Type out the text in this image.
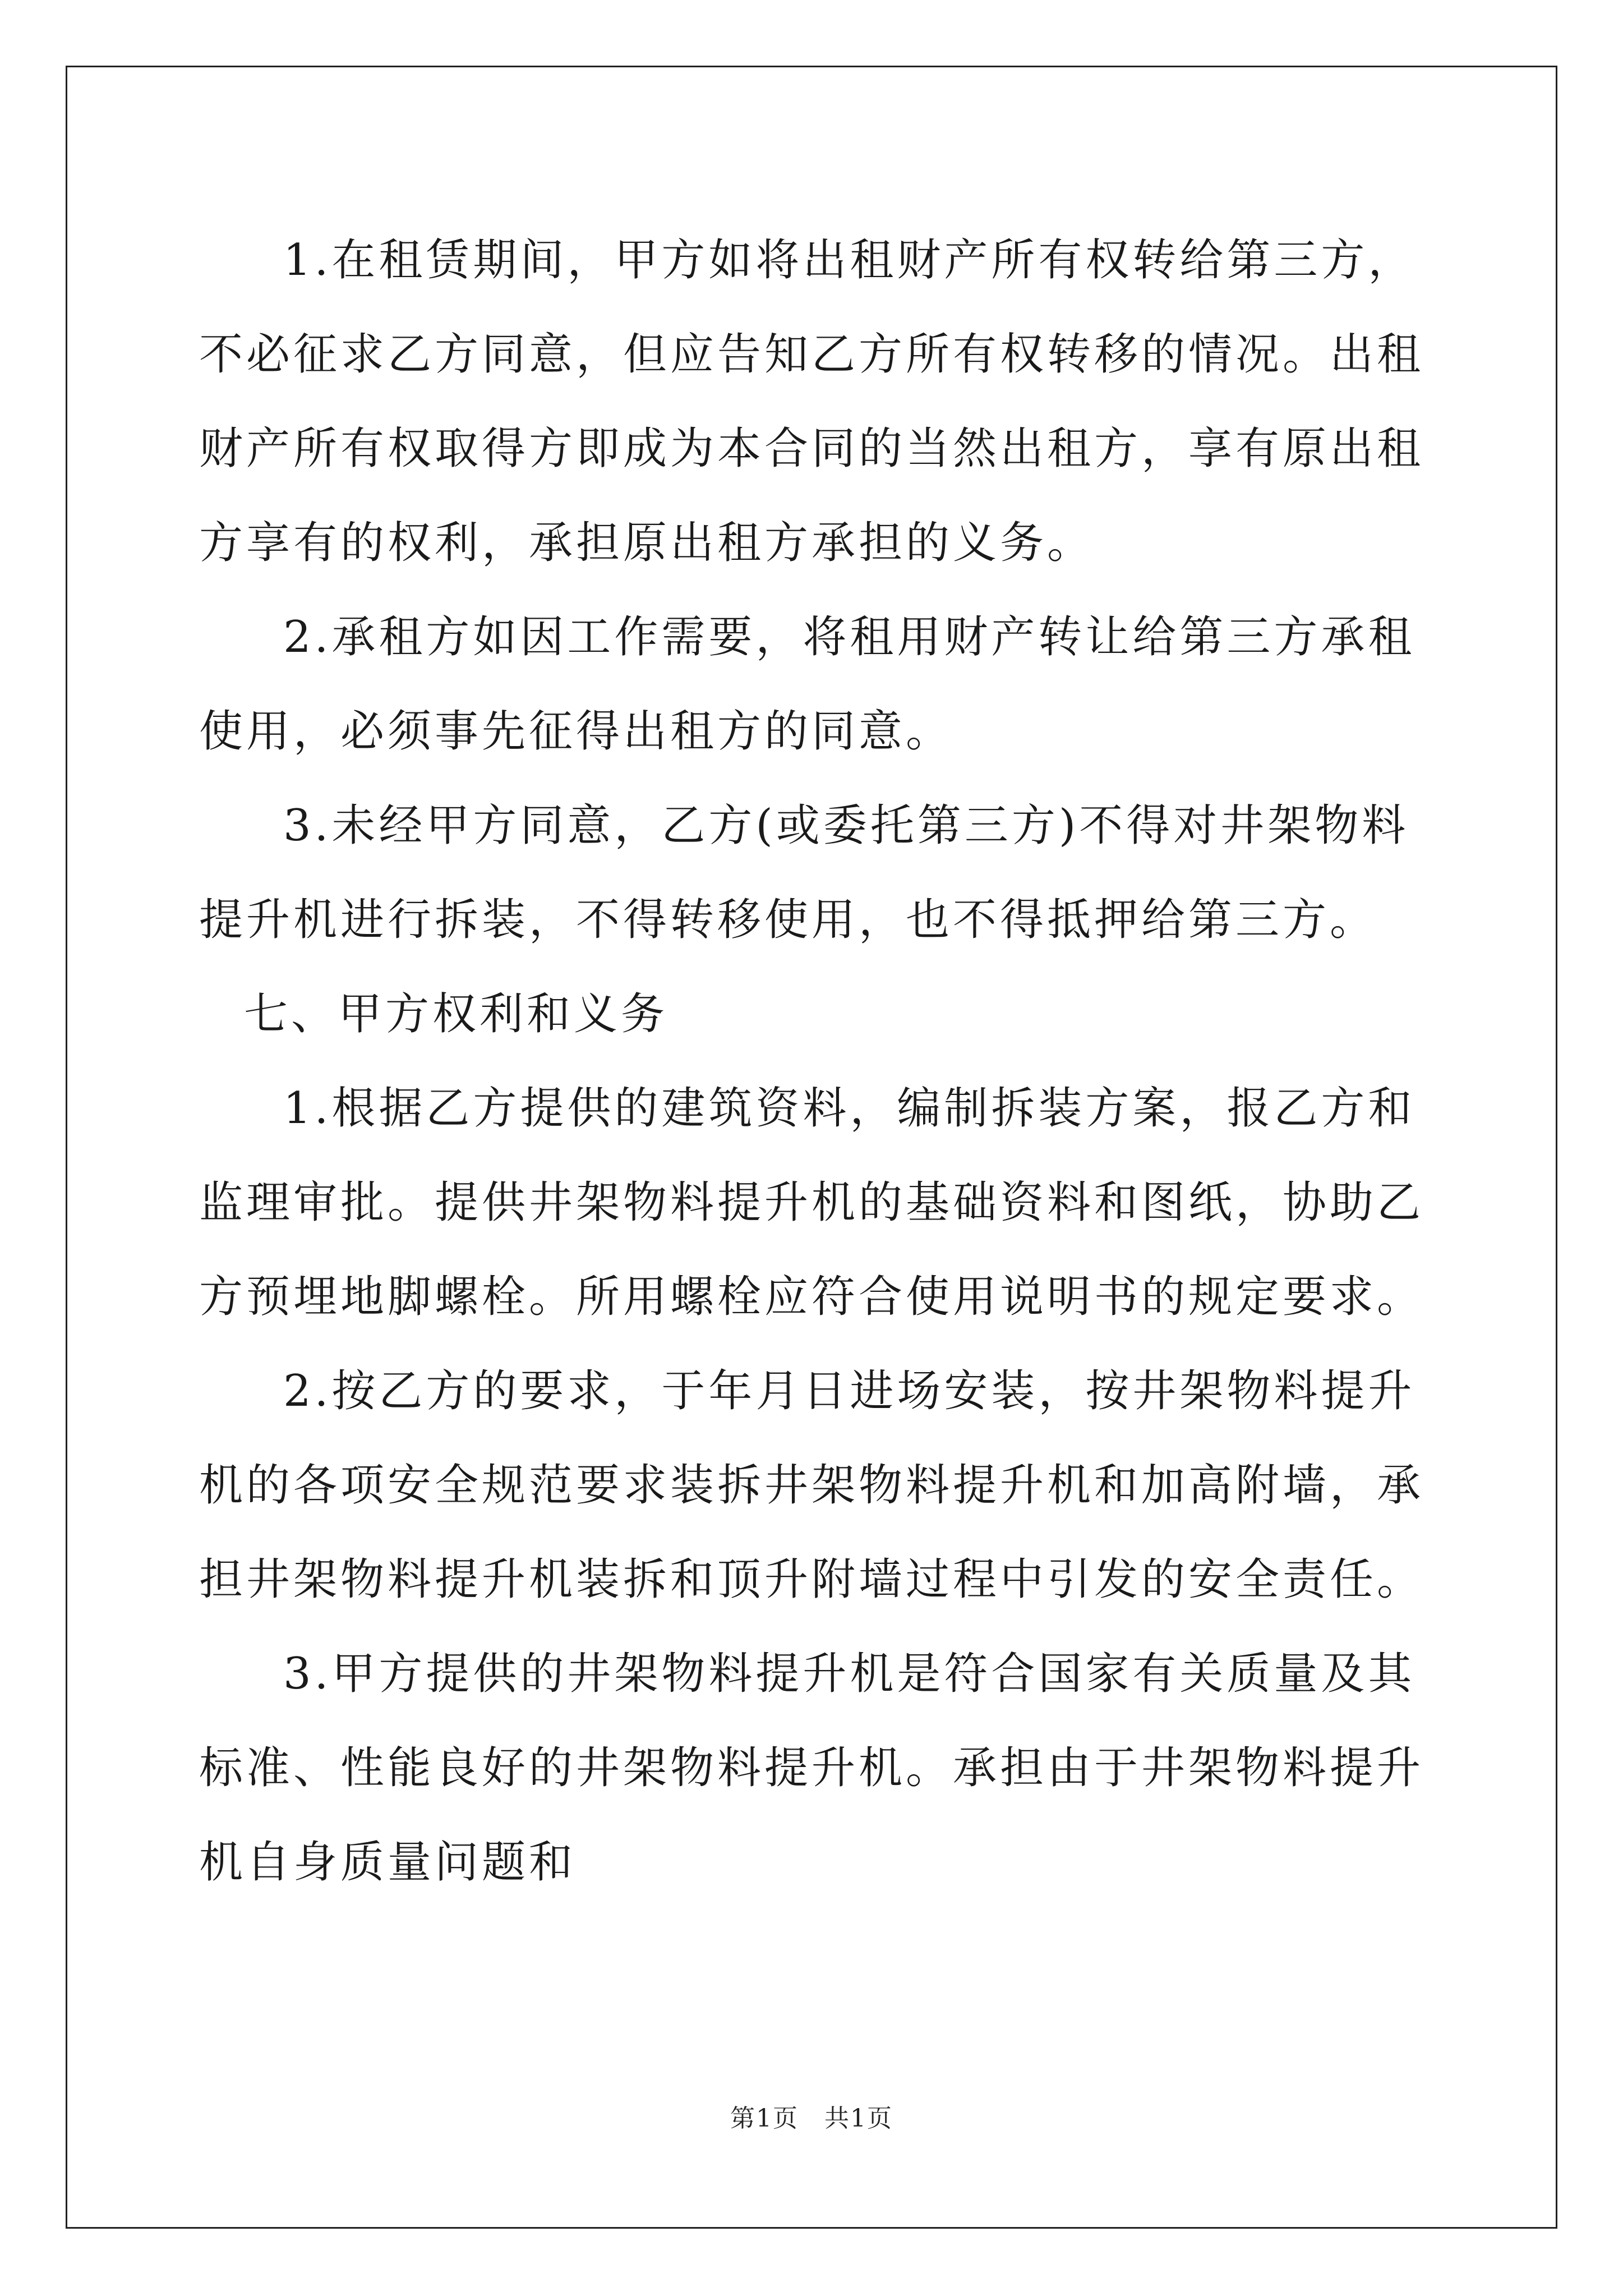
1.在租赁期间，甲方如将出租财产所有权转给第三方，不必征求乙方同意，但应告知乙方所有权转移的情况。出租财产所有权取得方即成为本合同的当然出租方，享有原出租方享有的权利，承担原出租方承担的义务。

2.承租方如因工作需要，将租用财产转让给第三方承租使用，必须事先征得出租方的同意。

3.未经甲方同意，乙方(或委托第三方)不得对井架物料提升机进行拆装，不得转移使用，也不得抵押给第三方。

七、甲方权利和义务

1.根据乙方提供的建筑资料，编制拆装方案，报乙方和监理审批。提供井架物料提升机的基础资料和图纸，协助乙方预埋地脚螺栓。所用螺栓应符合使用说明书的规定要求。

2.按乙方的要求，于年月日进场安装，按井架物料提升机的各项安全规范要求装拆井架物料提升机和加高附墙，承担井架物料提升机装拆和顶升附墙过程中引发的安全责任。

3.甲方提供的井架物料提升机是符合国家有关质量及其标准、性能良好的井架物料提升机。承担由于井架物料提升机自身质量问题和

第1页　共1页
